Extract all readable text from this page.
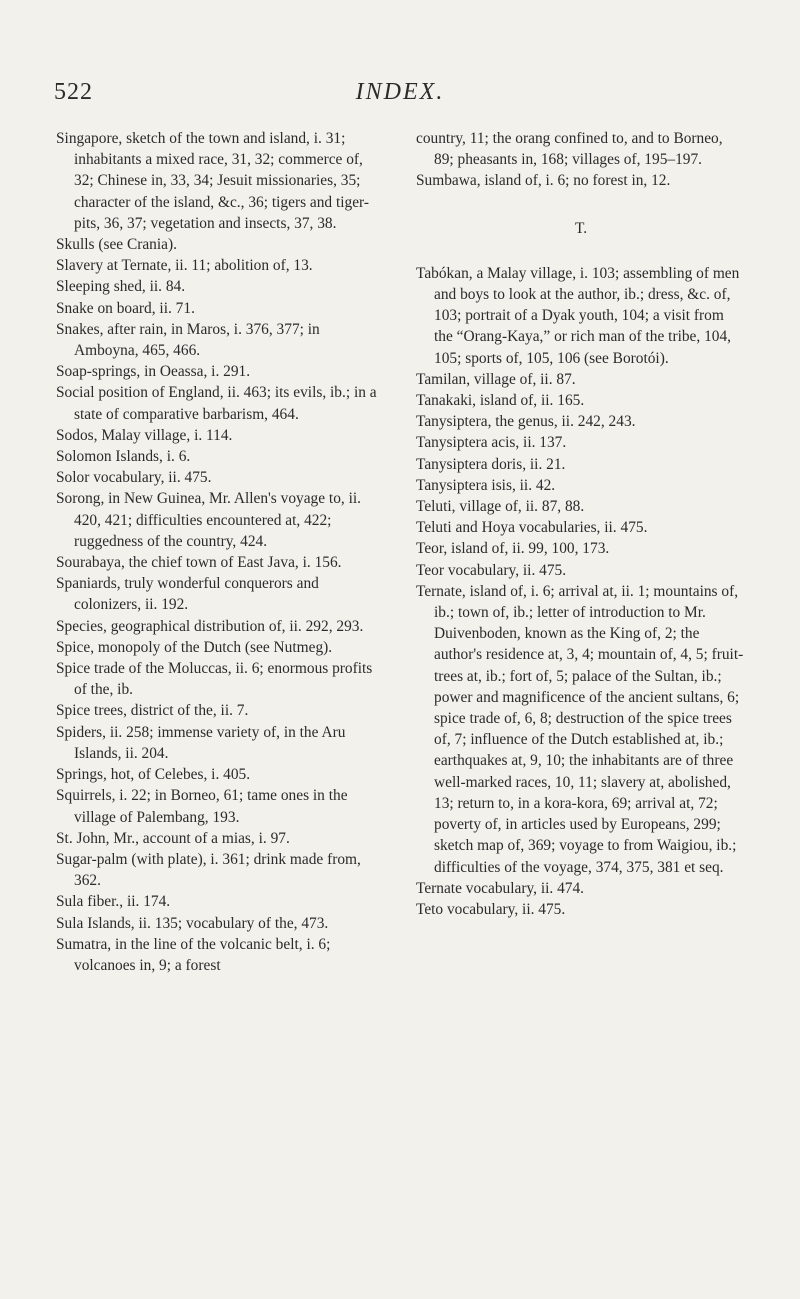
522	INDEX.

Singapore, sketch of the town and island, i. 31; inhabitants a mixed race, 31, 32; commerce of, 32; Chinese in, 33, 34; Jesuit missionaries, 35; character of the island, &c., 36; tigers and tiger-pits, 36, 37; vegetation and insects, 37, 38.

Skulls (see Crania).

Slavery at Ternate, ii. 11; abolition of, 13.

Sleeping shed, ii. 84.

Snake on board, ii. 71.

Snakes, after rain, in Maros, i. 376, 377; in Amboyna, 465, 466.

Soap-springs, in Oeassa, i. 291.

Social position of England, ii. 463; its evils, ib.; in a state of comparative barbarism, 464.

Sodos, Malay village, i. 114.

Solomon Islands, i. 6.

Solor vocabulary, ii. 475.

Sorong, in New Guinea, Mr. Allen's voyage to, ii. 420, 421; difficulties encountered at, 422; ruggedness of the country, 424.

Sourabaya, the chief town of East Java, i. 156.

Spaniards, truly wonderful conquerors and colonizers, ii. 192.

Species, geographical distribution of, ii. 292, 293.

Spice, monopoly of the Dutch (see Nutmeg).

Spice trade of the Moluccas, ii. 6; enormous profits of the, ib.

Spice trees, district of the, ii. 7.

Spiders, ii. 258; immense variety of, in the Aru Islands, ii. 204.

Springs, hot, of Celebes, i. 405.

Squirrels, i. 22; in Borneo, 61; tame ones in the village of Palembang, 193.

St. John, Mr., account of a mias, i. 97.

Sugar-palm (with plate), i. 361; drink made from, 362.

Sula fiber., ii. 174.

Sula Islands, ii. 135; vocabulary of the, 473.

Sumatra, in the line of the volcanic belt, i. 6; volcanoes in, 9; a forest

country, 11; the orang confined to, and to Borneo, 89; pheasants in, 168; villages of, 195–197.

Sumbawa, island of, i. 6; no forest in, 12.

T.

Tabókan, a Malay village, i. 103; assembling of men and boys to look at the author, ib.; dress, &c. of, 103; portrait of a Dyak youth, 104; a visit from the “Orang-Kaya,” or rich man of the tribe, 104, 105; sports of, 105, 106 (see Borotói).

Tamilan, village of, ii. 87.

Tanakaki, island of, ii. 165.

Tanysiptera, the genus, ii. 242, 243.

Tanysiptera acis, ii. 137.

Tanysiptera doris, ii. 21.

Tanysiptera isis, ii. 42.

Teluti, village of, ii. 87, 88.

Teluti and Hoya vocabularies, ii. 475.

Teor, island of, ii. 99, 100, 173.

Teor vocabulary, ii. 475.

Ternate, island of, i. 6; arrival at, ii. 1; mountains of, ib.; town of, ib.; letter of introduction to Mr. Duivenboden, known as the King of, 2; the author's residence at, 3, 4; mountain of, 4, 5; fruit-trees at, ib.; fort of, 5; palace of the Sultan, ib.; power and magnificence of the ancient sultans, 6; spice trade of, 6, 8; destruction of the spice trees of, 7; influence of the Dutch established at, ib.; earthquakes at, 9, 10; the inhabitants are of three well-marked races, 10, 11; slavery at, abolished, 13; return to, in a kora-kora, 69; arrival at, 72; poverty of, in articles used by Europeans, 299; sketch map of, 369; voyage to from Waigiou, ib.; difficulties of the voyage, 374, 375, 381 et seq.

Ternate vocabulary, ii. 474.

Teto vocabulary, ii. 475.
